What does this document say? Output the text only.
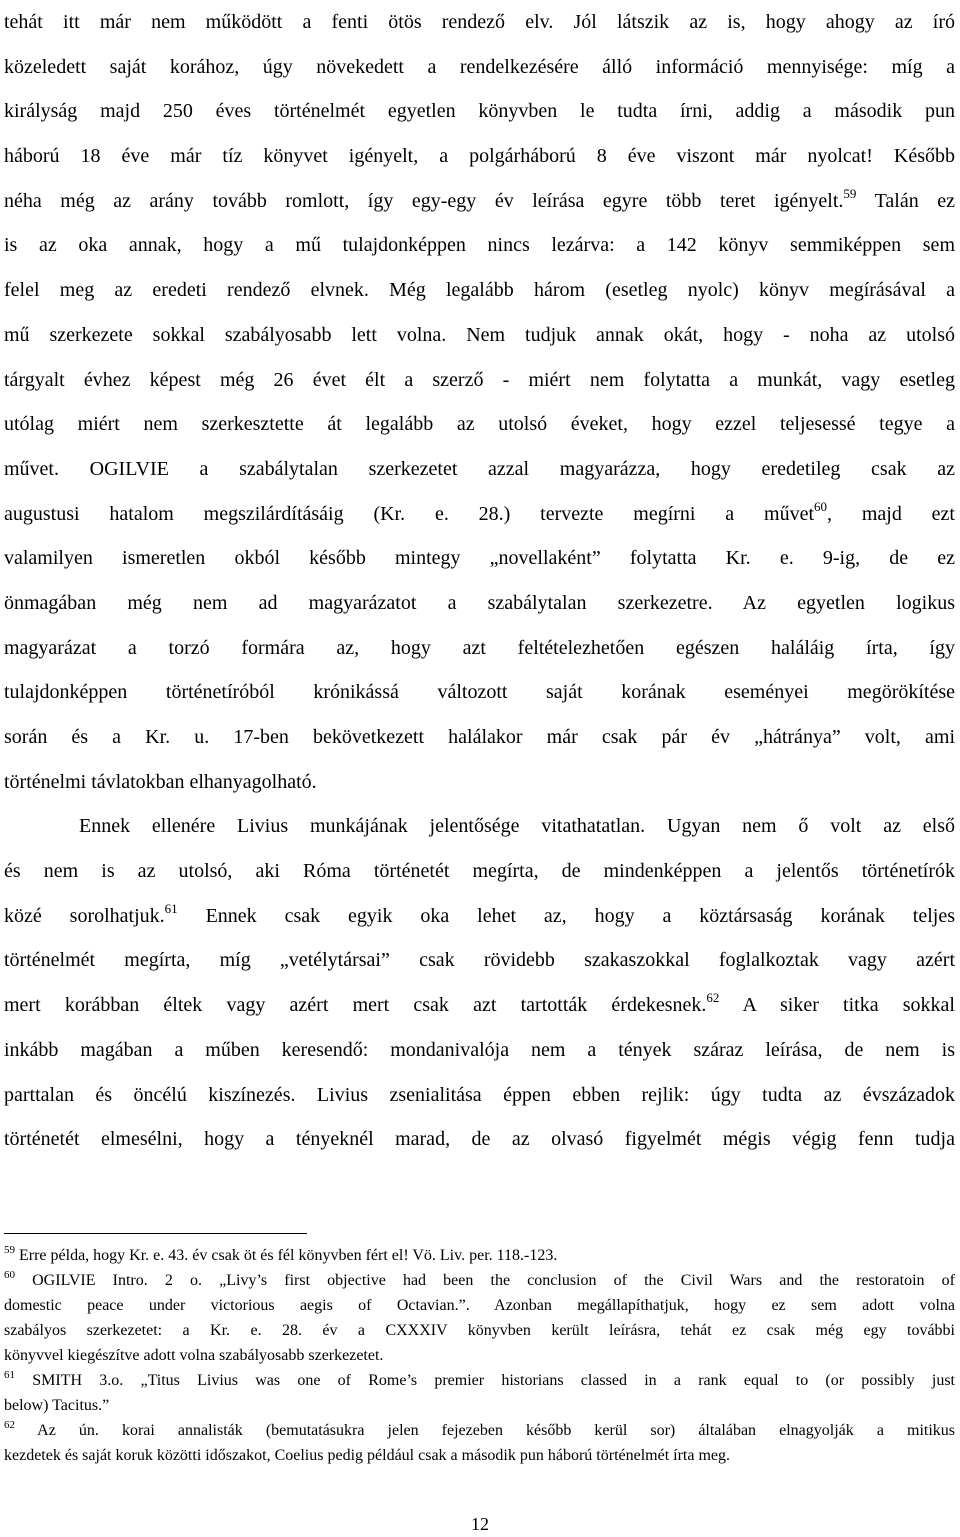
tehát itt már nem működött a fenti ötös rendező elv. Jól látszik az is, hogy ahogy az író
közeledett saját korához, úgy növekedett a rendelkezésére álló információ mennyisége: míg a
királyság majd 250 éves történelmét egyetlen könyvben le tudta írni, addig a második pun
háború 18 éve már tíz könyvet igényelt, a polgárháború 8 éve viszont már nyolcat! Később
néha még az arány tovább romlott, így egy-egy év leírása egyre több teret igényelt.$^{59}$ Talán ez
is az oka annak, hogy a mű tulajdonképpen nincs lezárva: a 142 könyv semmiképpen sem
felel meg az eredeti rendező elvnek. Még legalább három (esetleg nyolc) könyv megírásával a
mű szerkezete sokkal szabályosabb lett volna. Nem tudjuk annak okát, hogy - noha az utolsó
tárgyalt évhez képest még 26 évet élt a szerző - miért nem folytatta a munkát, vagy esetleg
utólag miért nem szerkesztette át legalább az utolsó éveket, hogy ezzel teljesessé tegye a
művet. OGILVIE a szabálytalan szerkezetet azzal magyarázza, hogy eredetileg csak az
augustusi hatalom megszilárdításáig (Kr. e. 28.) tervezte megírni a művet$^{60}$, majd ezt
valamilyen ismeretlen okból később mintegy „novellaként” folytatta Kr. e. 9-ig, de ez
önmagában még nem ad magyarázatot a szabálytalan szerkezetre. Az egyetlen logikus
magyarázat a torzó formára az, hogy azt feltételezhetően egészen haláláig írta, így
tulajdonképpen történetíróból krónikássá változott saját korának eseményei megörökítése
során és a Kr. u. 17-ben bekövetkezett halálakor már csak pár év „hátránya” volt, ami
történelmi távlatokban elhanyagolható.
Ennek ellenére Livius munkájának jelentősége vitathatatlan. Ugyan nem ő volt az első
és nem is az utolsó, aki Róma történetét megírta, de mindenképpen a jelentős történetírók
közé sorolhatjuk.$^{61}$ Ennek csak egyik oka lehet az, hogy a köztársaság korának teljes
történelmét megírta, míg „vetélytársai” csak rövidebb szakaszokkal foglalkoztak vagy azért
mert korábban éltek vagy azért mert csak azt tartották érdekesnek.$^{62}$ A siker titka sokkal
inkább magában a műben keresendő: mondanivalója nem a tények száraz leírása, de nem is
parttalan és öncélú kiszínezés. Livius zsenialitása éppen ebben rejlik: úgy tudta az évszázadok
történetét elmesélni, hogy a tényeknél marad, de az olvasó figyelmét mégis végig fenn tudja
$^{59}$ Erre példa, hogy Kr. e. 43. év csak öt és fél könyvben fért el! Vö. Liv. per. 118.-123.
$^{60}$ OGILVIE Intro. 2 o. „Livy’s first objective had been the conclusion of the Civil Wars and the restoratoin of
domestic peace under victorious aegis of Octavian.”. Azonban megállapíthatjuk, hogy ez sem adott volna
szabályos szerkezetet: a Kr. e. 28. év a CXXXIV könyvben került leírásra, tehát ez csak még egy további
könyvvel kiegészítve adott volna szabályosabb szerkezetet.
$^{61}$ SMITH 3.o. „Titus Livius was one of Rome’s premier historians classed in a rank equal to (or possibly just
below) Tacitus.”
$^{62}$ Az ún. korai annalisták (bemutatásukra jelen fejezeben később kerül sor) általában elnagyolják a mitikus
kezdetek és saját koruk közötti időszakot, Coelius pedig például csak a második pun háború történelmét írta meg.
12
